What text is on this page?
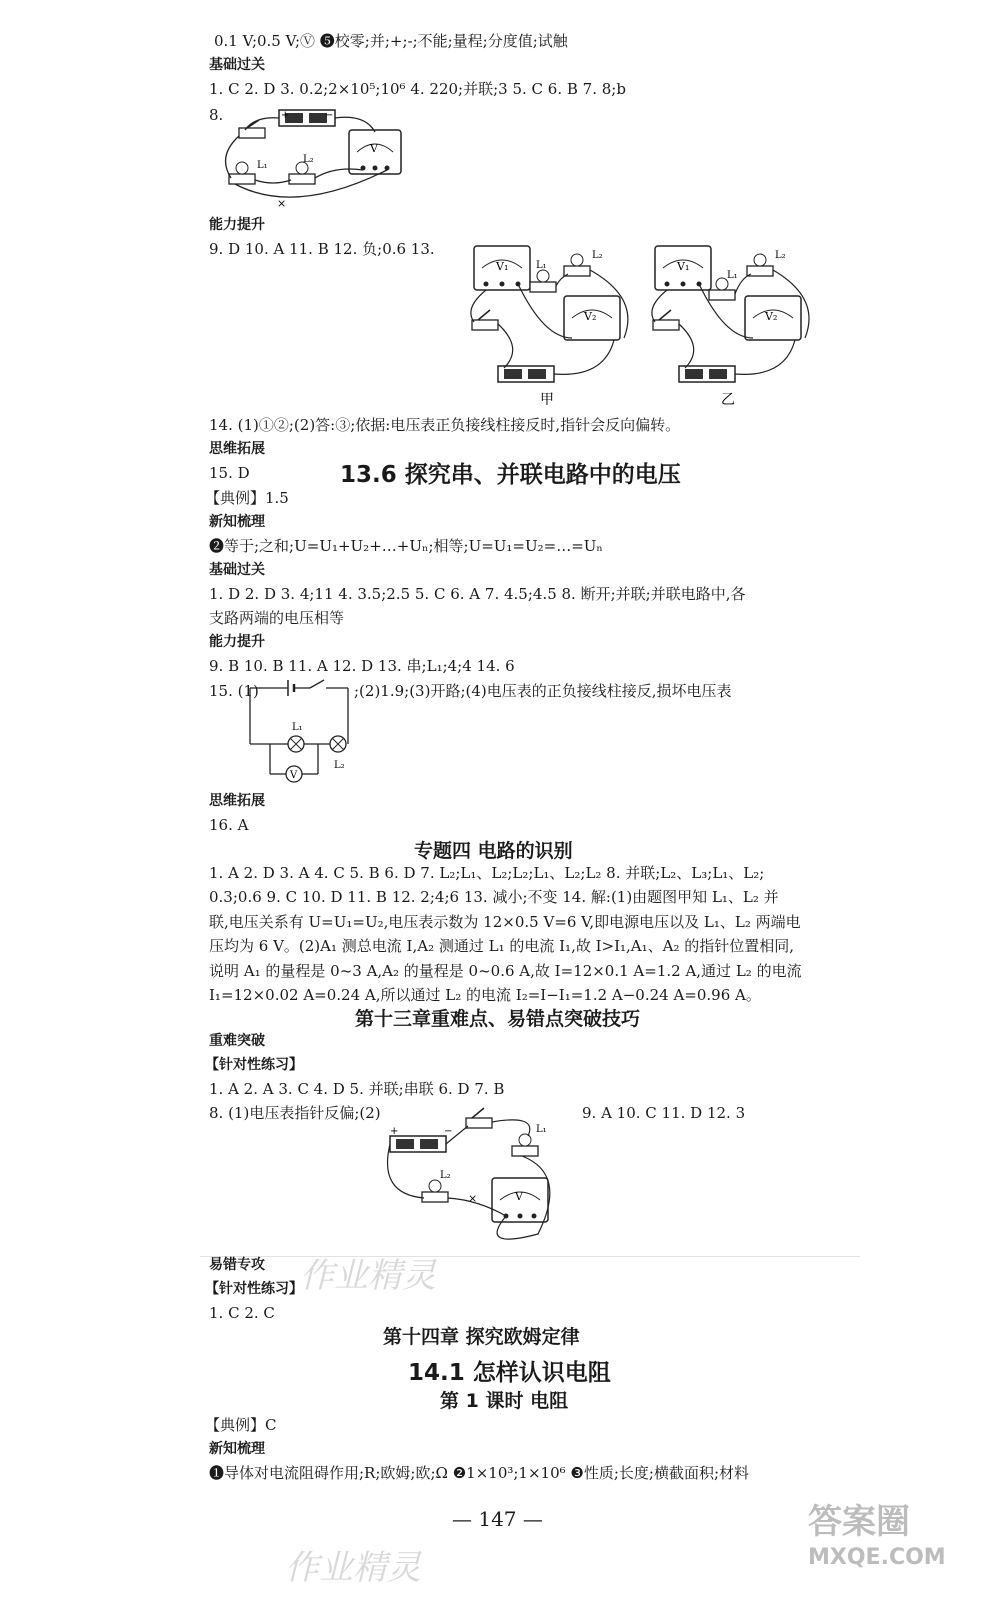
0.1 V;0.5 V;Ⓥ ❺校零;并;+;-;不能;量程;分度值;试触
基础过关
1. C 2. D 3. 0.2;2×10⁵;10⁶ 4. 220;并联;3 5. C 6. B 7. 8;b
8.	+	−
V
L₁
L₂
×
能力提升
9. D 10. A 11. B 12. 负;0.6 13.
V₁	L₁
L₂
V₂
甲
V₁
L₁
L₂
V₂
乙
14. (1)①②;(2)答:③;依据:电压表正负接线柱接反时,指针会反向偏转。
思维拓展
15. D	13.6 探究串、并联电路中的电压
【典例】1.5
新知梳理
❷等于;之和;U=U₁+U₂+…+Uₙ;相等;U=U₁=U₂=…=Uₙ
基础过关
1. D 2. D 3. 4;11 4. 3.5;2.5 5. C 6. A 7. 4.5;4.5 8. 断开;并联;并联电路中,各
支路两端的电压相等
能力提升
9. B 10. B 11. A 12. D 13. 串;L₁;4;4 14. 6
15. (1)	;(2)1.9;(3)开路;(4)电压表的正负接线柱接反,损坏电压表
L₁
L₂
V
思维拓展
16. A
专题四 电路的识别
1. A 2. D 3. A 4. C 5. B 6. D 7. L₂;L₁、L₂;L₂;L₁、L₂;L₂ 8. 并联;L₂、L₃;L₁、L₂;
0.3;0.6 9. C 10. D 11. B 12. 2;4;6 13. 减小;不变 14. 解:(1)由题图甲知 L₁、L₂ 并
联,电压关系有 U=U₁=U₂,电压表示数为 12×0.5 V=6 V,即电源电压以及 L₁、L₂ 两端电
压均为 6 V。(2)A₁ 测总电流 I,A₂ 测通过 L₁ 的电流 I₁,故 I>I₁,A₁、A₂ 的指针位置相同,
说明 A₁ 的量程是 0~3 A,A₂ 的量程是 0~0.6 A,故 I=12×0.1 A=1.2 A,通过 L₂ 的电流
I₁=12×0.02 A=0.24 A,所以通过 L₂ 的电流 I₂=I−I₁=1.2 A−0.24 A=0.96 A。
第十三章重难点、易错点突破技巧
重难突破
【针对性练习】
1. A 2. A 3. C 4. D 5. 并联;串联 6. D 7. B
8. (1)电压表指针反偏;(2)	9. A 10. C 11. D 12. 3
+	−	L₁
L₂
V
×
易错专攻 作业精灵
【针对性练习】
1. C 2. C
第十四章 探究欧姆定律
14.1 怎样认识电阻
第 1 课时 电阻
【典例】C
新知梳理
❶导体对电流阻碍作用;R;欧姆;欧;Ω ❷1×10³;1×10⁶ ❸性质;长度;横截面积;材料
— 147 —
作业精灵
答案圈
MXQE.COM
